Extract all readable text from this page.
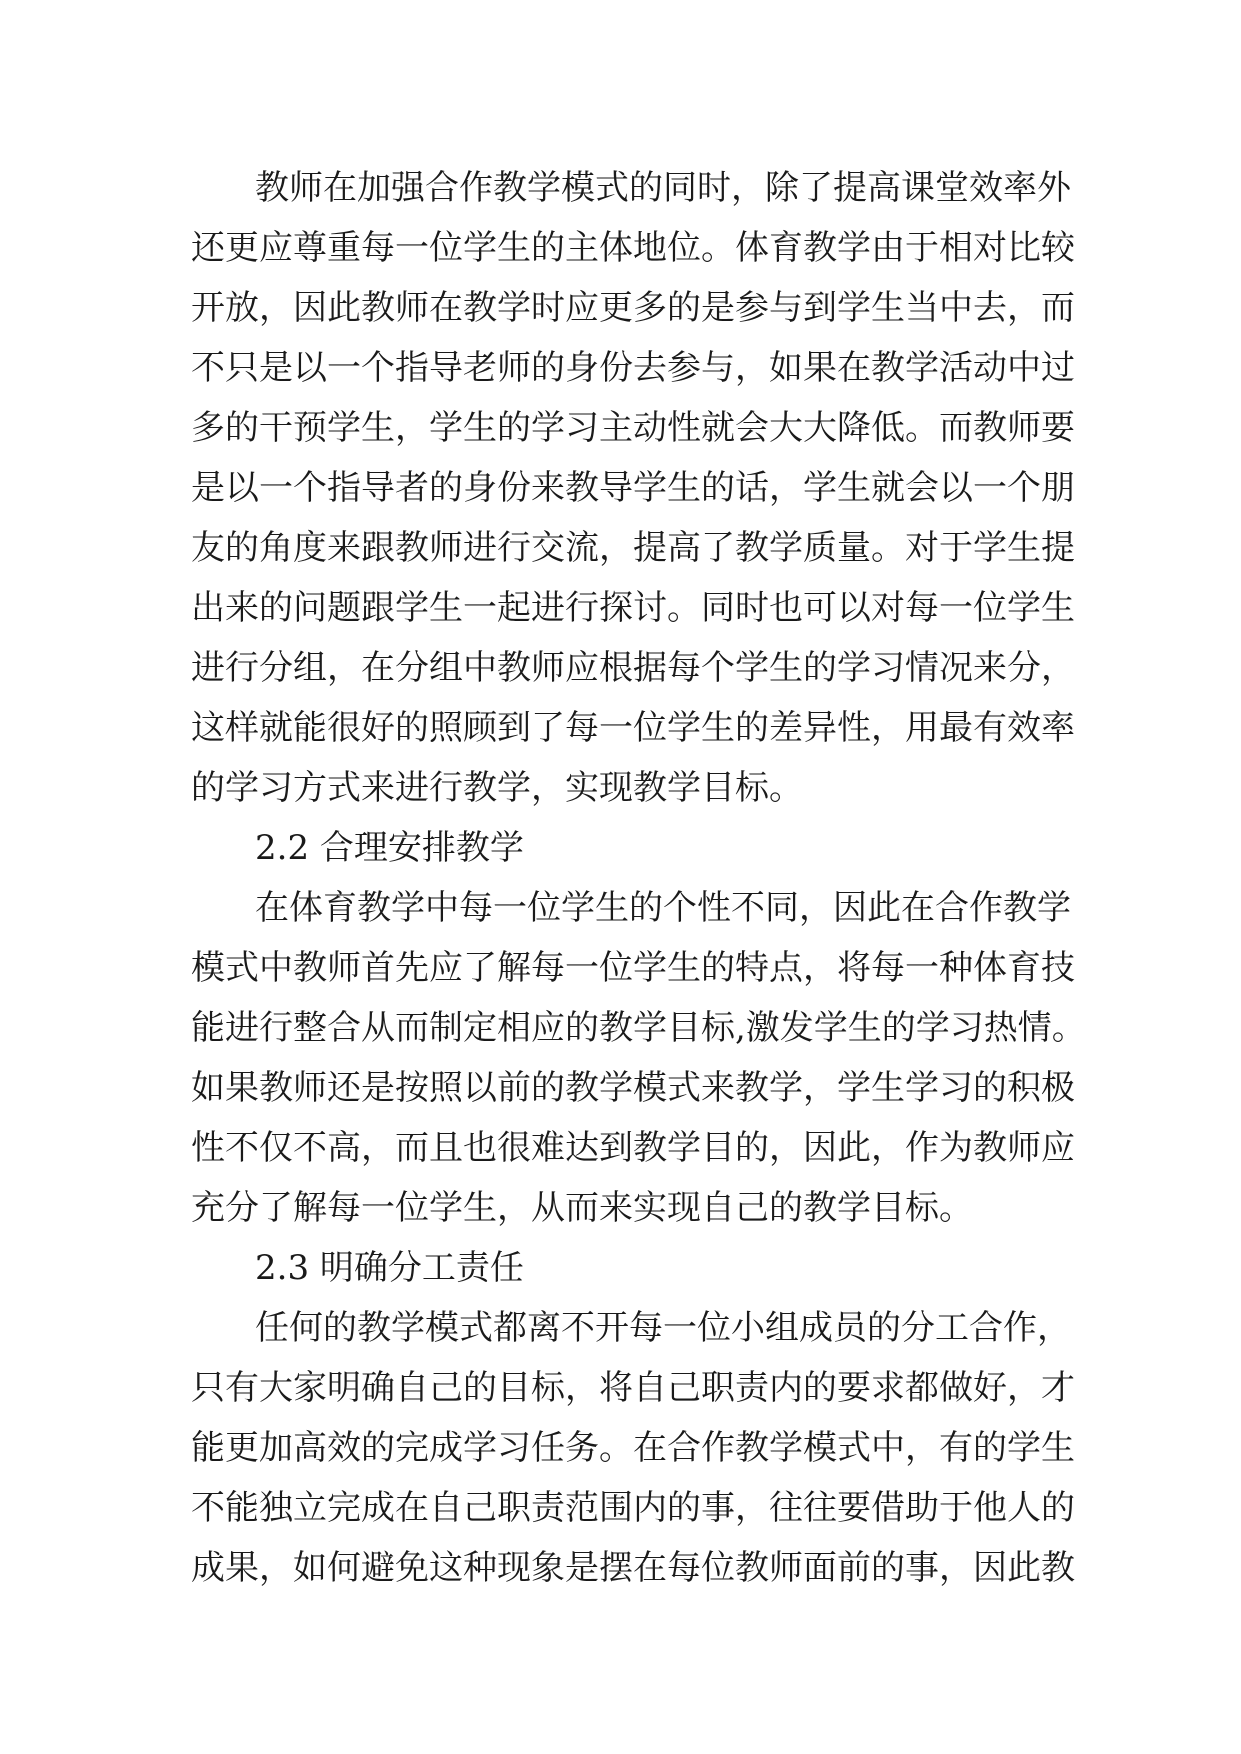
教师在加强合作教学模式的同时，除了提高课堂效率外
还更应尊重每一位学生的主体地位。体育教学由于相对比较
开放，因此教师在教学时应更多的是参与到学生当中去，而
不只是以一个指导老师的身份去参与，如果在教学活动中过
多的干预学生，学生的学习主动性就会大大降低。而教师要
是以一个指导者的身份来教导学生的话，学生就会以一个朋
友的角度来跟教师进行交流，提高了教学质量。对于学生提
出来的问题跟学生一起进行探讨。同时也可以对每一位学生
进行分组，在分组中教师应根据每个学生的学习情况来分，
这样就能很好的照顾到了每一位学生的差异性，用最有效率
的学习方式来进行教学，实现教学目标。
2.2 合理安排教学
在体育教学中每一位学生的个性不同，因此在合作教学
模式中教师首先应了解每一位学生的特点，将每一种体育技
能进行整合从而制定相应的教学目标,激发学生的学习热情。
如果教师还是按照以前的教学模式来教学，学生学习的积极
性不仅不高，而且也很难达到教学目的，因此，作为教师应
充分了解每一位学生，从而来实现自己的教学目标。
2.3 明确分工责任
任何的教学模式都离不开每一位小组成员的分工合作，
只有大家明确自己的目标，将自己职责内的要求都做好，才
能更加高效的完成学习任务。在合作教学模式中，有的学生
不能独立完成在自己职责范围内的事，往往要借助于他人的
成果，如何避免这种现象是摆在每位教师面前的事，因此教
